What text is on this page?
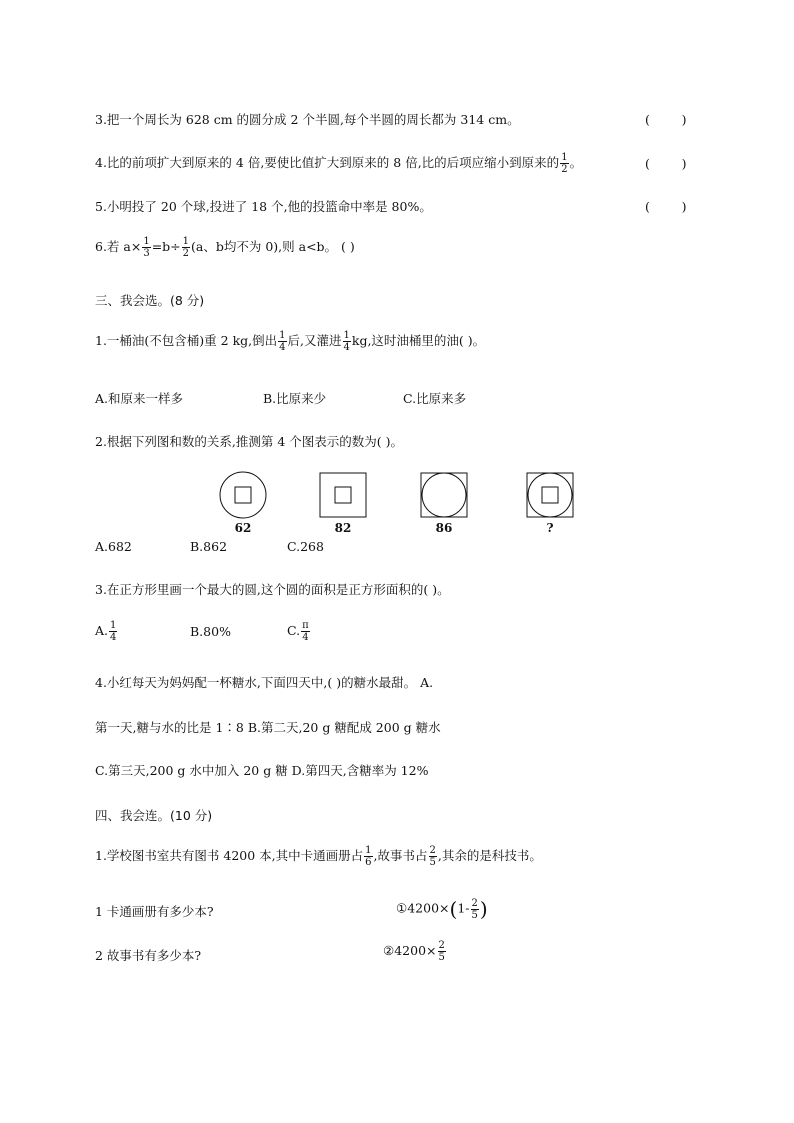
3.把一个周长为 628 cm 的圆分成 2 个半圆,每个半圆的周长都为 314 cm。	(        )
4.比的前项扩大到原来的 4 倍,要使比值扩大到原来的 8 倍,比的后项应缩小到原来的 $\frac{1}{2}$ 。	(        )
5.小明投了 20 个球,投进了 18 个,他的投篮命中率是 80%。	(        )
6.若 $a\times \frac{1}{3} =b\div \frac{1}{2} (a$、b均不为 0),则 a<b。 ( )
三、我会选。(8 分)
1.一桶油(不包含桶)重 2 kg,倒出 $\frac{1}{4}$ 后,又灌进 $\frac{1}{4}$ kg,这时油桶里的油( )。
A.和原来一样多	B.比原来少	C.比原来多
2.根据下列图和数的关系,推测第 4 个图表示的数为( )。
62	82	86	?
A.682	B.862	C.268
3.在正方形里画一个最大的圆,这个圆的面积是正方形面积的( )。
A. $\frac{1}{4}$	B.80%	C. $\frac{\pi}{4}$
4.小红每天为妈妈配一杯糖水,下面四天中,( )的糖水最甜。 A.
第一天,糖与水的比是 1∶8 B.第二天,20 g 糖配成 200 g 糖水
C.第三天,200 g 水中加入 20 g 糖 D.第四天,含糖率为 12%
四、我会连。(10 分)
1.学校图书室共有图书 4200 本,其中卡通画册占 $\frac{1}{6}$ ,故事书占 $\frac{2}{5}$ ,其余的是科技书。
1 卡通画册有多少本?	①4200×(1- $\frac{2}{5}$ )
2 故事书有多少本?	②4200× $\frac{2}{5}$
